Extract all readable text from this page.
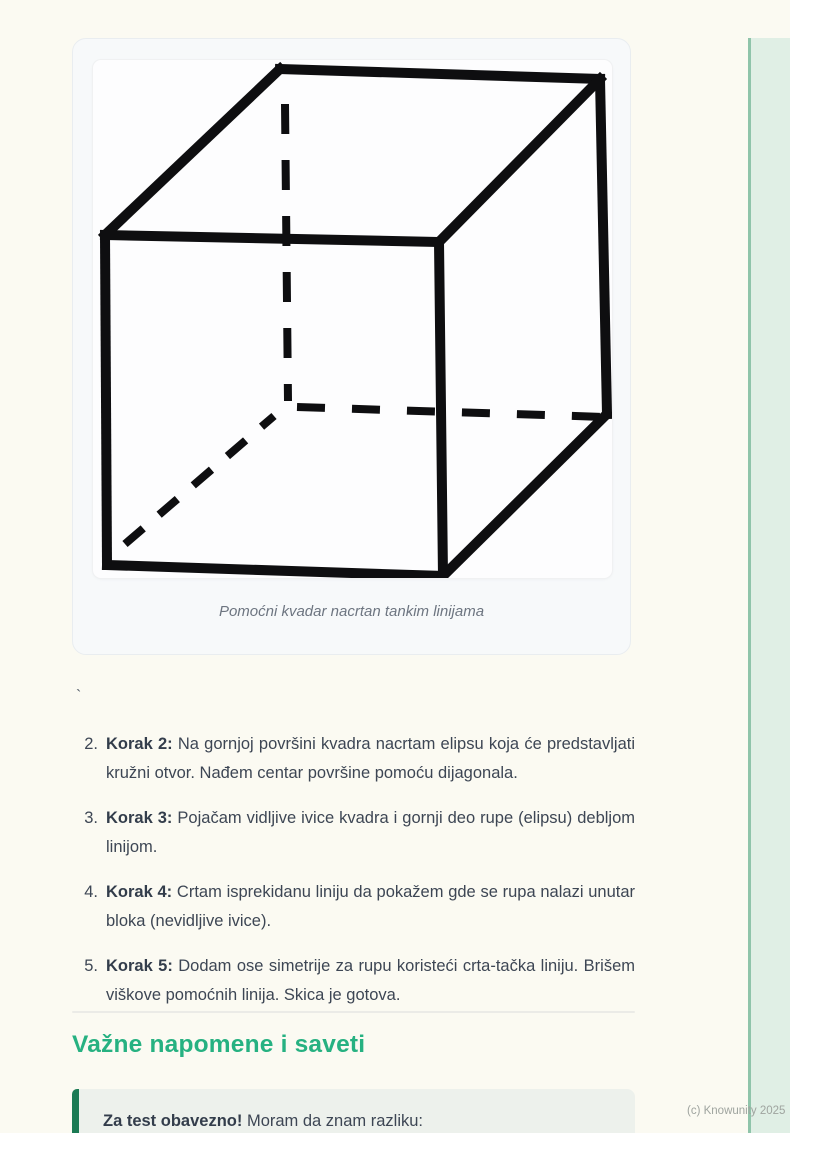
Pomoćni kvadar nacrtan tankim linijama
`
2. Korak 2: Na gornjoj površini kvadra nacrtam elipsu koja će predstavljati kružni otvor. Nađem centar površine pomoću dijagonala.
3. Korak 3: Pojačam vidljive ivice kvadra i gornji deo rupe (elipsu) debljom linijom.
4. Korak 4: Crtam isprekidanu liniju da pokažem gde se rupa nalazi unutar bloka (nevidljive ivice).
5. Korak 5: Dodam ose simetrije za rupu koristeći crta-tačka liniju. Brišem viškove pomoćnih linija. Skica je gotova.
Važne napomene i saveti
Za test obavezno! Moram da znam razliku:
(c) Knowunity 2025
